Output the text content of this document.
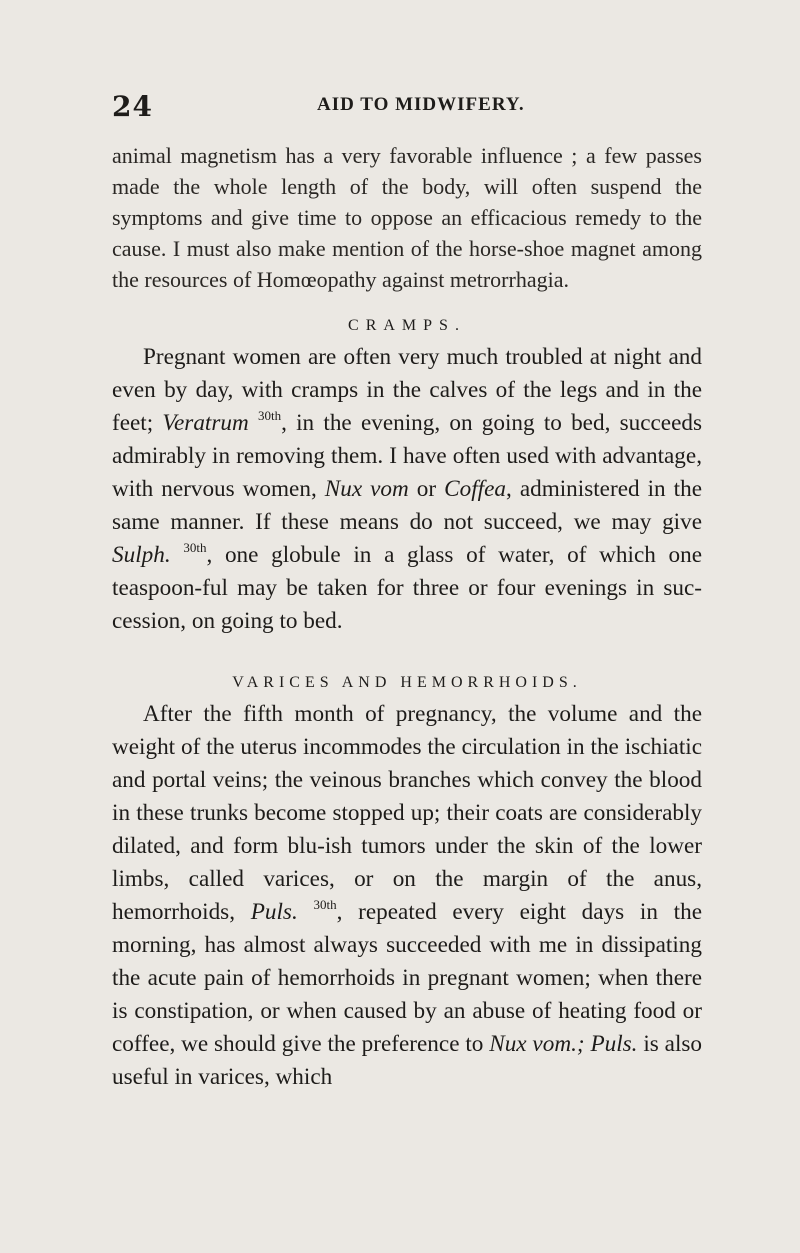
24	AID TO MIDWIFERY.

animal magnetism has a very favorable influence ; a few passes made the whole length of the body, will often suspend the symptoms and give time to oppose an efficacious remedy to the cause. I must also make mention of the horse-shoe magnet among the resources of Homœopathy against metrorrhagia.

CRAMPS.

Pregnant women are often very much troubled at night and even by day, with cramps in the calves of the legs and in the feet; Veratrum $^{30th}$, in the evening, on going to bed, succeeds admirably in removing them. I have often used with advantage, with nervous women, Nux vom or Coffea, administered in the same manner. If these means do not succeed, we may give Sulph. $^{30th}$, one globule in a glass of water, of which one teaspoon-ful may be taken for three or four evenings in suc-cession, on going to bed.

VARICES AND HEMORRHOIDS.

After the fifth month of pregnancy, the volume and the weight of the uterus incommodes the circulation in the ischiatic and portal veins; the veinous branches which convey the blood in these trunks become stopped up; their coats are considerably dilated, and form blu-ish tumors under the skin of the lower limbs, called varices, or on the margin of the anus, hemorrhoids, Puls. $^{30th}$, repeated every eight days in the morning, has almost always succeeded with me in dissipating the acute pain of hemorrhoids in pregnant women; when there is constipation, or when caused by an abuse of heating food or coffee, we should give the preference to Nux vom.; Puls. is also useful in varices, which
